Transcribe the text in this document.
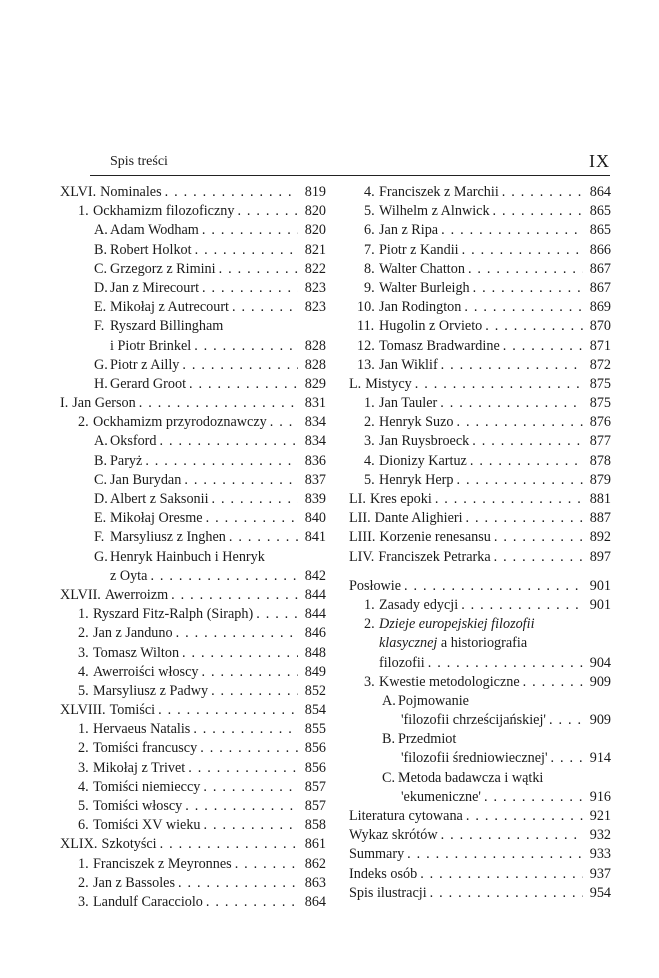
Spis treści	IX
XLVI. Nominales . . .	819
1. Ockhamizm filozoficzny . . .	820
A. Adam Wodham . . .	820
B. Robert Holkot . . .	821
C. Grzegorz z Rimini . . .	822
D. Jan z Mirecourt . . .	823
E. Mikołaj z Autrecourt . . .	823
F. Ryszard Billingham
i Piotr Brinkel . . .	828
G. Piotr z Ailly . . .	828
H. Gerard Groot . . .	829
I. Jan Gerson . . .	831
2. Ockhamizm przyrodoznawczy . . .	834
A. Oksford . . .	834
B. Paryż . . .	836
C. Jan Burydan . . .	837
D. Albert z Saksonii . . .	839
E. Mikołaj Oresme . . .	840
F. Marsyliusz z Inghen . . .	841
G. Henryk Hainbuch i Henryk
z Oyta . . .	842
XLVII. Awerroizm . . .	844
1. Ryszard Fitz-Ralph (Siraph) . . .	844
2. Jan z Janduno . . .	846
3. Tomasz Wilton . . .	848
4. Awerroiści włoscy . . .	849
5. Marsyliusz z Padwy . . .	852
XLVIII. Tomiści . . .	854
1. Hervaeus Natalis . . .	855
2. Tomiści francuscy . . .	856
3. Mikołaj z Trivet . . .	856
4. Tomiści niemieccy . . .	857
5. Tomiści włoscy . . .	857
6. Tomiści XV wieku . . .	858
XLIX. Szkotyści . . .	861
1. Franciszek z Meyronnes . . .	862
2. Jan z Bassoles . . .	863
3. Landulf Caracciolo . . .	864
4. Franciszek z Marchii . . .	864
5. Wilhelm z Alnwick . . .	865
6. Jan z Ripa . . .	865
7. Piotr z Kandii . . .	866
8. Walter Chatton . . .	867
9. Walter Burleigh . . .	867
10. Jan Rodington . . .	869
11. Hugolin z Orvieto . . .	870
12. Tomasz Bradwardine . . .	871
13. Jan Wiklif . . .	872
L. Mistycy . . .	875
1. Jan Tauler . . .	875
2. Henryk Suzo . . .	876
3. Jan Ruysbroeck . . .	877
4. Dionizy Kartuz . . .	878
5. Henryk Herp . . .	879
LI. Kres epoki . . .	881
LII. Dante Alighieri . . .	887
LIII. Korzenie renesansu . . .	892
LIV. Franciszek Petrarka . . .	897
Posłowie . . .	901
1. Zasady edycji . . .	901
2. Dzieje europejskiej filozofii
klasycznej a historiografia
filozofii . . .	904
3. Kwestie metodologiczne . . .	909
A. Pojmowanie
'filozofii chrześcijańskiej' . . .	909
B. Przedmiot
'filozofii średniowiecznej' . . .	914
C. Metoda badawcza i wątki
'ekumeniczne' . . .	916
Literatura cytowana . . .	921
Wykaz skrótów . . .	932
Summary . . .	933
Indeks osób . . .	937
Spis ilustracji . . .	954
